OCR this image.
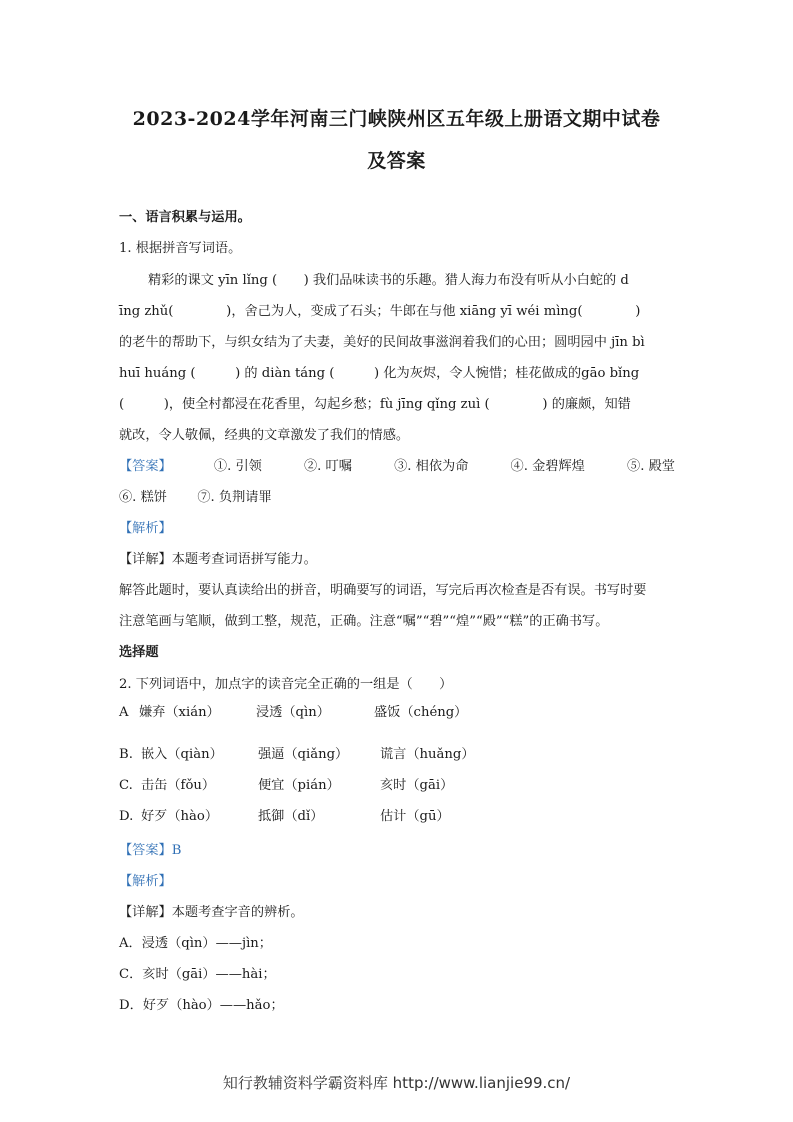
2023-2024学年河南三门峡陕州区五年级上册语文期中试卷
及答案
一、语言积累与运用。
1. 根据拼音写词语。
精彩的课文 yīn lǐng (　　) 我们品味读书的乐趣。猎人海力布没有听从小白蛇的 d
īng zhǔ(　　　　)，舍己为人，变成了石头；牛郎在与他 xiāng yī wéi mìng(　　　　)
的老牛的帮助下，与织女结为了夫妻，美好的民间故事滋润着我们的心田；圆明园中 jīn bì
huī huáng (　　　) 的 diàn táng (　　　) 化为灰烬，令人惋惜；桂花做成的gāo bǐng
(　　　)，使全村都浸在花香里，勾起乡愁；fù jīng qǐng zuì (　　　　) 的廉颇，知错
就改，令人敬佩，经典的文章激发了我们的情感。
【答案】	①. 引领	②. 叮嘱	③. 相依为命	④. 金碧辉煌	⑤. 殿堂
⑥. 糕饼 ⑦. 负荆请罪
【解析】
【详解】本题考查词语拼写能力。
解答此题时，要认真读给出的拼音，明确要写的词语，写完后再次检查是否有误。书写时要
注意笔画与笔顺，做到工整，规范，正确。注意“嘱”“碧”“煌”“殿”“糕”的正确书写。
选择题
2. 下列词语中，加点字的读音完全正确的一组是（　　）
A 嫌弃（xián）	浸透（qìn）	盛饭（chéng）
B. 嵌入（qiàn）	强逼（qiǎng） 谎言（huǎng）
C. 击缶（fǒu）	便宜（pián）	亥时（gāi）
D. 好歹（hào）	抵御（dǐ）	估计（gū）
【答案】B
【解析】
【详解】本题考查字音的辨析。
A．浸透（qìn）——jìn；
C．亥时（gāi）——hài；
D．好歹（hào）——hǎo；
知行教辅资料学霸资料库 http://www.lianjie99.cn/
